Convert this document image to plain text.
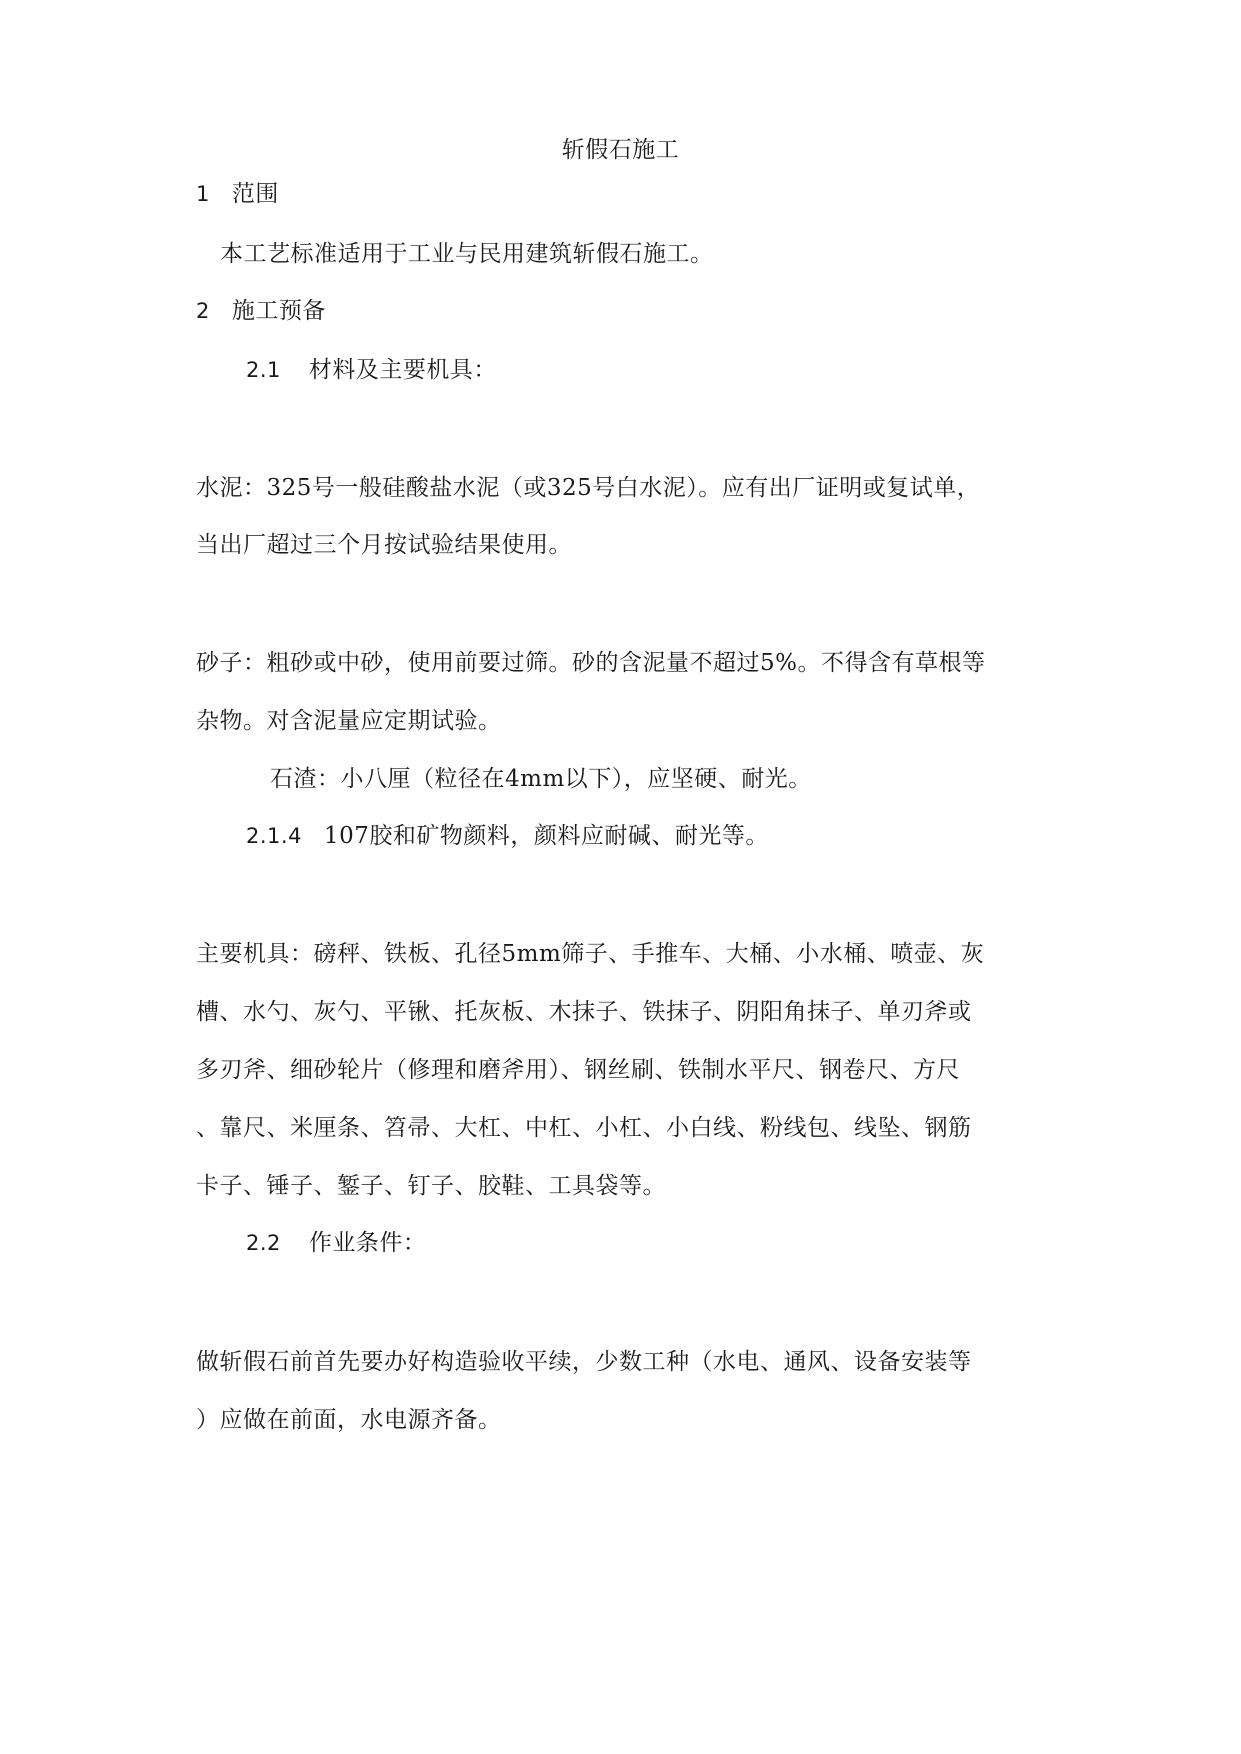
斩假石施工
1 范围
本工艺标准适用于工业与民用建筑斩假石施工。
2 施工预备
2.1 材料及主要机具：
水泥：325号一般硅酸盐水泥（或325号白水泥）。应有出厂证明或复试单，
当出厂超过三个月按试验结果使用。
砂子：粗砂或中砂，使用前要过筛。砂的含泥量不超过5%。不得含有草根等
杂物。对含泥量应定期试验。
石渣：小八厘（粒径在4mm以下），应坚硬、耐光。
2.1.4 107胶和矿物颜料，颜料应耐碱、耐光等。
主要机具：磅秤、铁板、孔径5mm筛子、手推车、大桶、小水桶、喷壶、灰
槽、水勺、灰勺、平锹、托灰板、木抹子、铁抹子、阴阳角抹子、单刃斧或
多刃斧、细砂轮片（修理和磨斧用）、钢丝刷、铁制水平尺、钢卷尺、方尺
、靠尺、米厘条、笤帚、大杠、中杠、小杠、小白线、粉线包、线坠、钢筋
卡子、锤子、錾子、钉子、胶鞋、工具袋等。
2.2 作业条件：
做斩假石前首先要办好构造验收平续，少数工种（水电、通风、设备安装等
）应做在前面，水电源齐备。
